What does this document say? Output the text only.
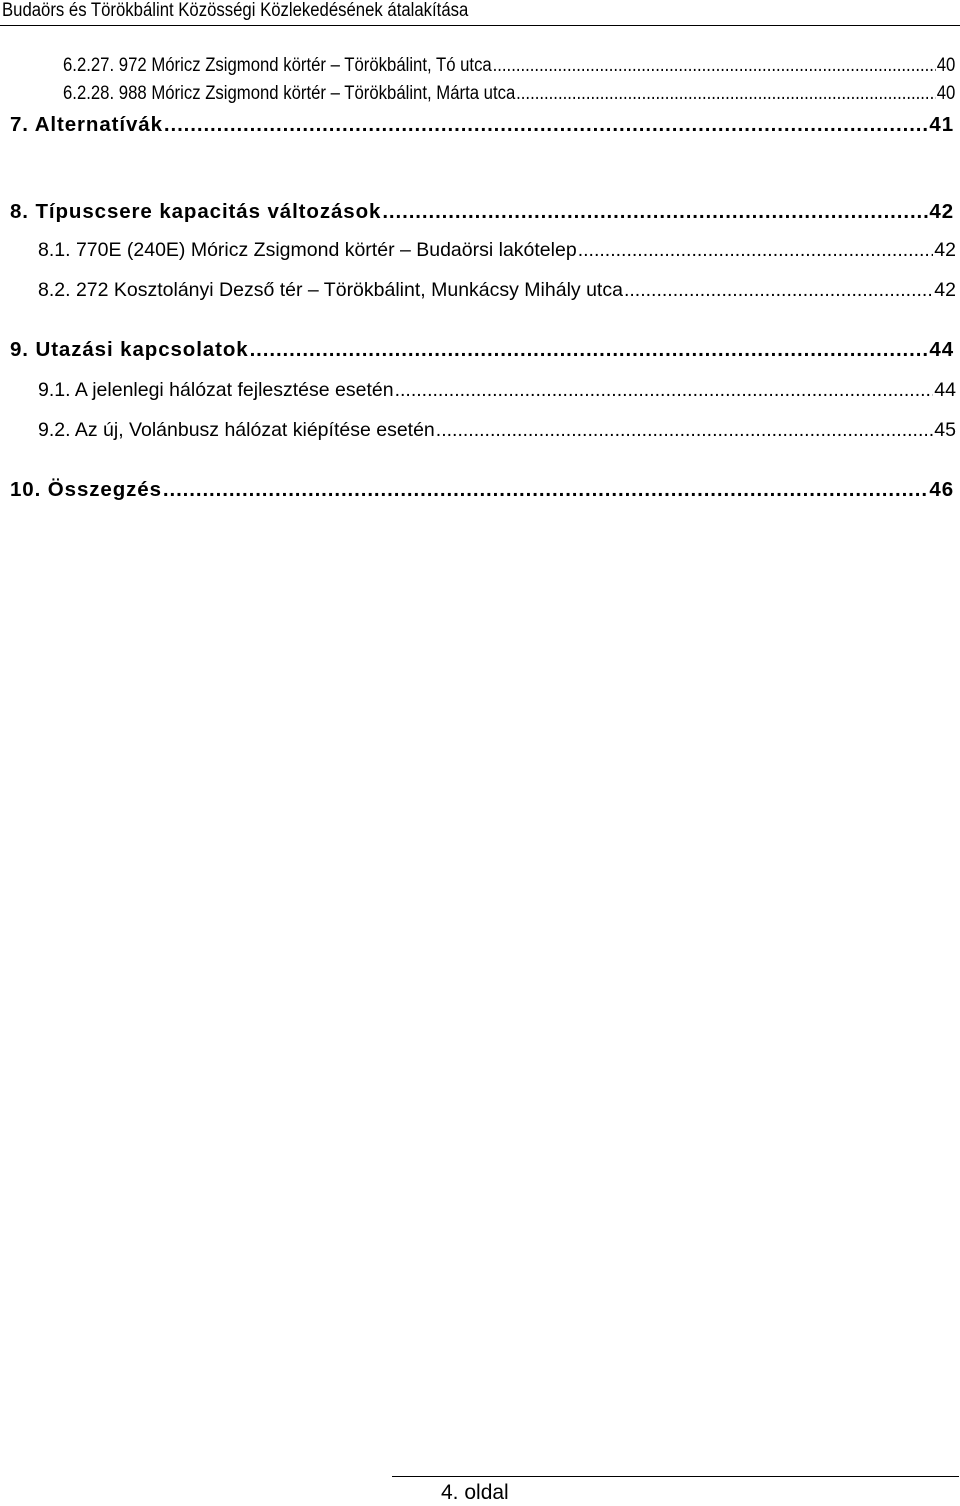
Budaörs és Törökbálint Közösségi Közlekedésének átalakítása
6.2.27. 972 Móricz Zsigmond körtér – Törökbálint, Tó utca .....	40
6.2.28. 988 Móricz Zsigmond körtér – Törökbálint, Márta utca .....	40
7. Alternatívák .....	41
8. Típuscsere kapacitás változások .....	42
8.1. 770E (240E) Móricz Zsigmond körtér – Budaörsi lakótelep .....	42
8.2. 272 Kosztolányi Dezső tér – Törökbálint, Munkácsy Mihály utca .....	42
9. Utazási kapcsolatok .....	44
9.1. A jelenlegi hálózat fejlesztése esetén .....	44
9.2. Az új, Volánbusz hálózat kiépítése esetén .....	45
10. Összegzés .....	46
4. oldal
